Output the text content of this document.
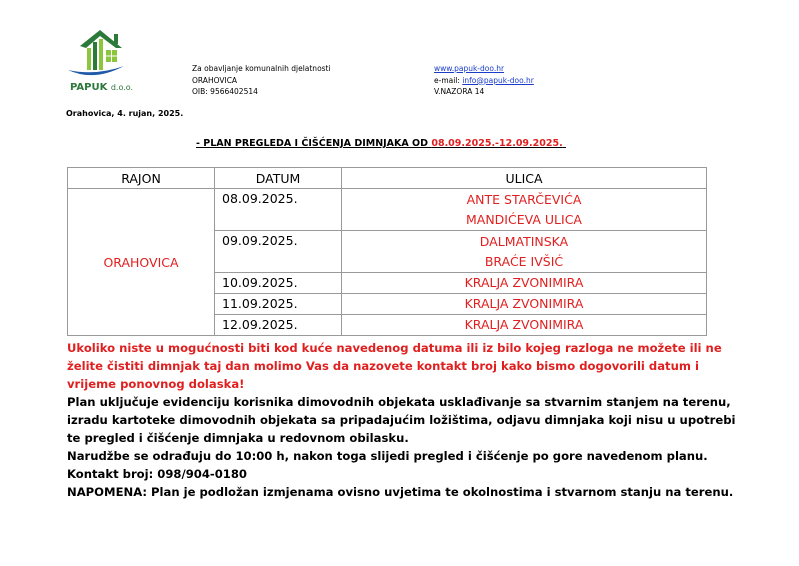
PAPUK d.o.o.
Za obavljanje komunalnih djelatnosti
ORAHOVICA
OIB: 9566402514
www.papuk-doo.hr
e-mail: info@papuk-doo.hr
V.NAZORA 14
Orahovica, 4. rujan, 2025.
- PLAN PREGLEDA I ČIŠĆENJA DIMNJAKA OD 08.09.2025.-12.09.2025.
RAJON	DATUM	ULICA
ORAHOVICA	08.09.2025.	ANTE STARČEVIĆA
MANDIĆEVA ULICA

	09.09.2025.	DALMATINSKA
BRAĆE IVŠIĆ

	10.09.2025.	KRALJA ZVONIMIRA
	11.09.2025.	KRALJA ZVONIMIRA
	12.09.2025.	KRALJA ZVONIMIRA

Ukoliko niste u mogućnosti biti kod kuće navedenog datuma ili iz bilo kojeg razloga ne možete ili ne želite čistiti dimnjak taj dan molimo Vas da nazovete kontakt broj kako bismo dogovorili datum i vrijeme ponovnog dolaska!

Plan uključuje evidenciju korisnika dimovodnih objekata usklađivanje sa stvarnim stanjem na terenu, izradu kartoteke dimovodnih objekata sa pripadajućim ložištima, odjavu dimnjaka koji nisu u upotrebi te pregled i čišćenje dimnjaka u redovnom obilasku.

Narudžbe se odrađuju do 10:00 h, nakon toga slijedi pregled i čišćenje po gore navedenom planu.

Kontakt broj: 098/904-0180

NAPOMENA: Plan je podložan izmjenama ovisno uvjetima te okolnostima i stvarnom stanju na terenu.
